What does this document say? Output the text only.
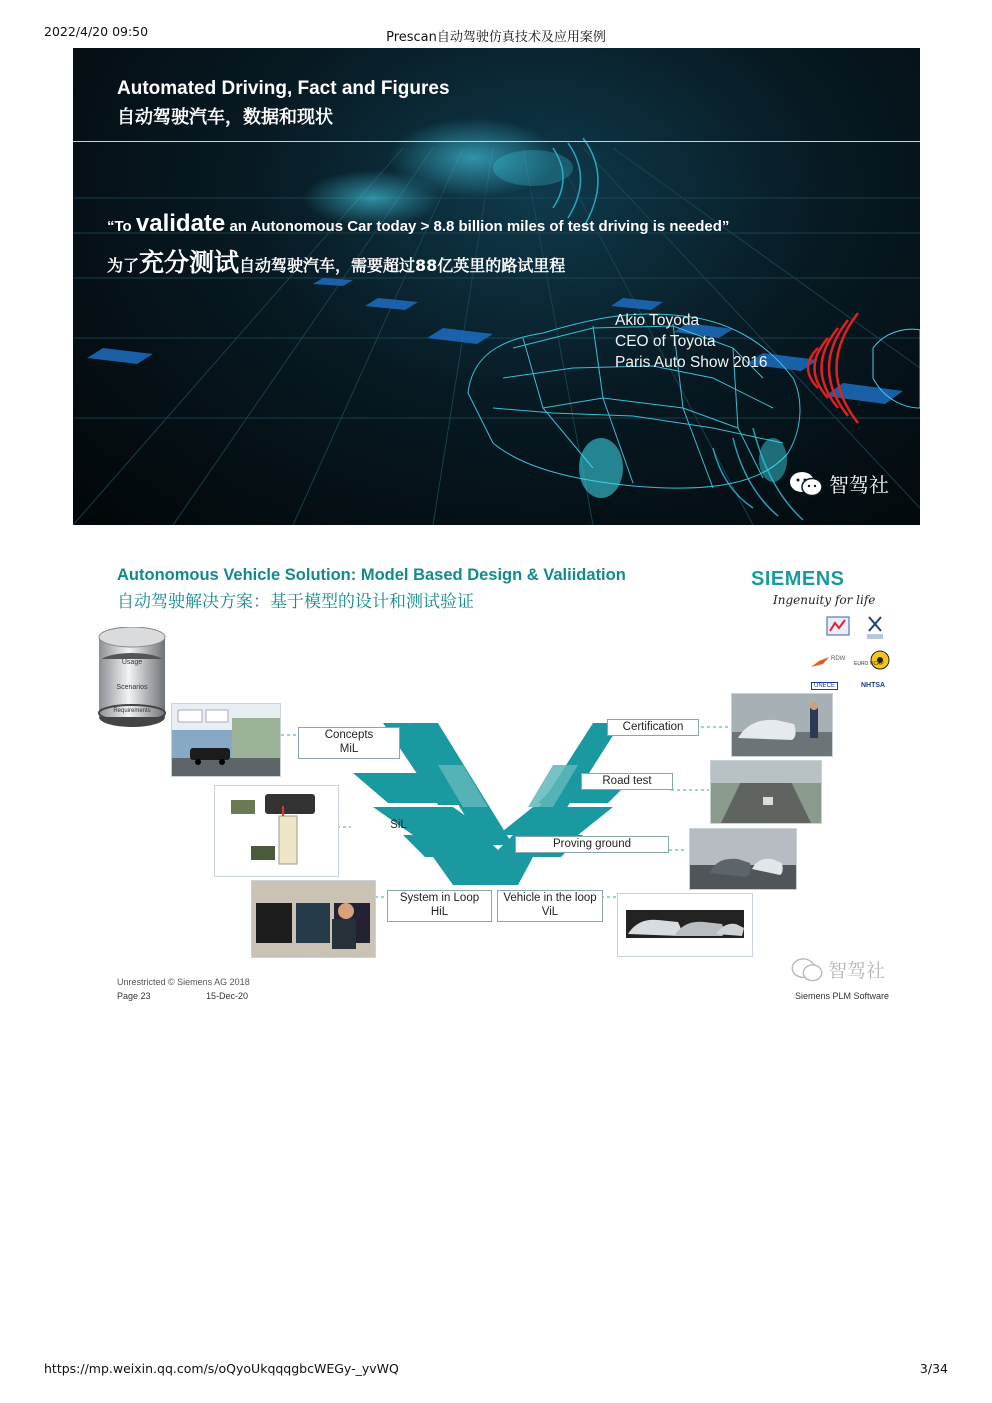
2022/4/20 09:50	Prescan自动驾驶仿真技术及应用案例
Automated Driving, Fact and Figures
自动驾驶汽车，数据和现状
“To validate an Autonomous Car today > 8.8 billion miles of test driving is needed”
为了充分测试自动驾驶汽车，需要超过88亿英里的路试里程
Akio Toyoda
CEO of Toyota
Paris Auto Show 2016
智驾社
Autonomous Vehicle Solution: Model Based Design & Valiidation
自动驾驶解决方案：基于模型的设计和测试验证
SIEMENS
Ingenuity for life
RDW
EURO NCAP
UNECE	NHTSA
Usage
Scenarios
Requirements
Concepts
MiL
SiL
System in Loop
HiL
Vehicle in the loop
ViL
Proving ground
Road test
Certification
Unrestricted © Siemens AG 2018
Page 23	15-Dec-20	Siemens PLM Software
智驾社
https://mp.weixin.qq.com/s/oQyoUkqqqgbcWEGy-_yvWQ	3/34
